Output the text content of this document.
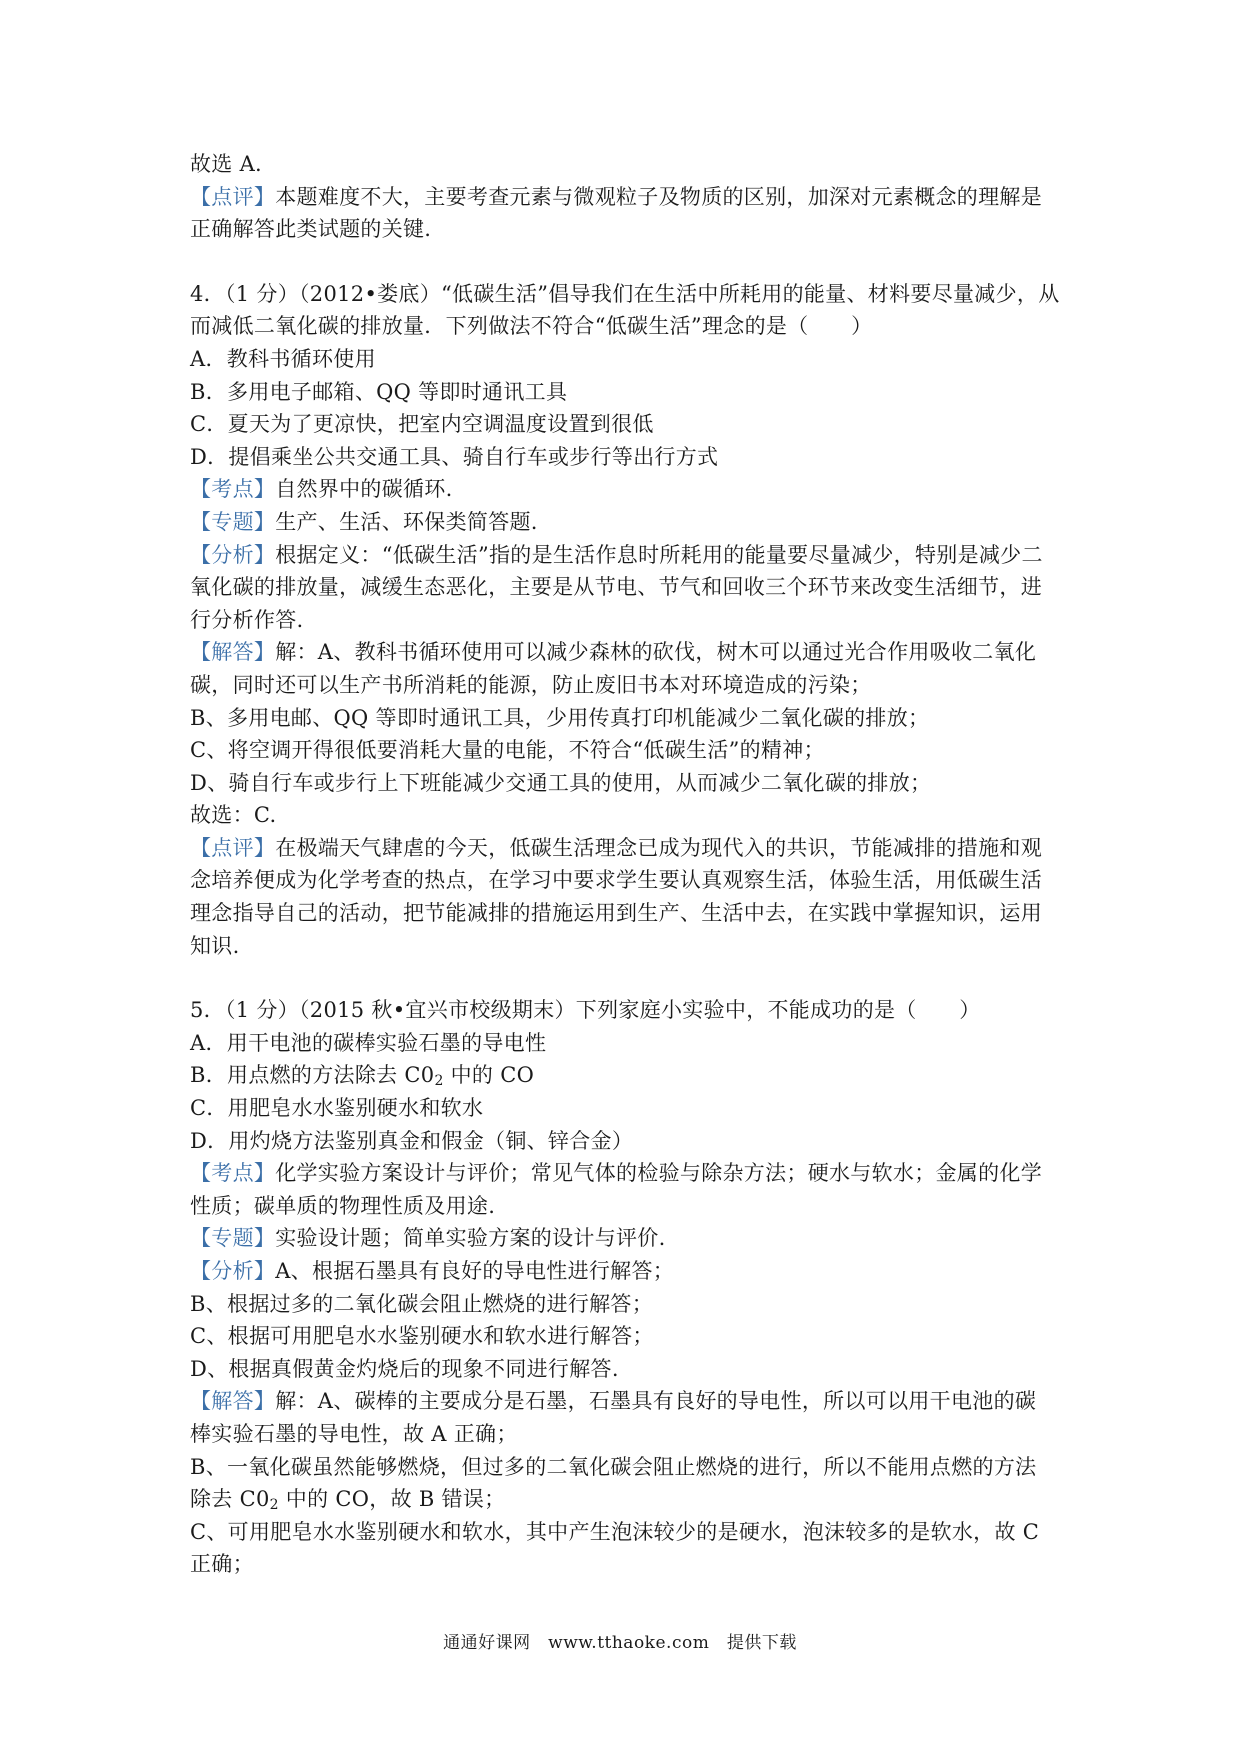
故选 A.
【点评】本题难度不大，主要考查元素与微观粒子及物质的区别，加深对元素概念的理解是
正确解答此类试题的关键.
4．（1 分）（2012•娄底）“低碳生活”倡导我们在生活中所耗用的能量、材料要尽量减少，从
而减低二氧化碳的排放量．下列做法不符合“低碳生活”理念的是（　　）
A．教科书循环使用
B．多用电子邮箱、QQ 等即时通讯工具
C．夏天为了更凉快，把室内空调温度设置到很低
D．提倡乘坐公共交通工具、骑自行车或步行等出行方式
【考点】自然界中的碳循环.
【专题】生产、生活、环保类简答题.
【分析】根据定义：“低碳生活”指的是生活作息时所耗用的能量要尽量减少，特别是减少二
氧化碳的排放量，减缓生态恶化，主要是从节电、节气和回收三个环节来改变生活细节，进
行分析作答.
【解答】解：A、教科书循环使用可以减少森林的砍伐，树木可以通过光合作用吸收二氧化
碳，同时还可以生产书所消耗的能源，防止废旧书本对环境造成的污染；
B、多用电邮、QQ 等即时通讯工具，少用传真打印机能减少二氧化碳的排放；
C、将空调开得很低要消耗大量的电能，不符合“低碳生活”的精神；
D、骑自行车或步行上下班能减少交通工具的使用，从而减少二氧化碳的排放；
故选：C.
【点评】在极端天气肆虐的今天，低碳生活理念已成为现代入的共识，节能减排的措施和观
念培养便成为化学考查的热点，在学习中要求学生要认真观察生活，体验生活，用低碳生活
理念指导自己的活动，把节能减排的措施运用到生产、生活中去，在实践中掌握知识，运用
知识.
5．（1 分）（2015 秋•宜兴市校级期末）下列家庭小实验中，不能成功的是（　　）
A．用干电池的碳棒实验石墨的导电性
B．用点燃的方法除去 $C0_2$ 中的 CO
C．用肥皂水水鉴别硬水和软水
D．用灼烧方法鉴别真金和假金（铜、锌合金）
【考点】化学实验方案设计与评价；常见气体的检验与除杂方法；硬水与软水；金属的化学
性质；碳单质的物理性质及用途.
【专题】实验设计题；简单实验方案的设计与评价.
【分析】A、根据石墨具有良好的导电性进行解答；
B、根据过多的二氧化碳会阻止燃烧的进行解答；
C、根据可用肥皂水水鉴别硬水和软水进行解答；
D、根据真假黄金灼烧后的现象不同进行解答.
【解答】解：A、碳棒的主要成分是石墨，石墨具有良好的导电性，所以可以用干电池的碳
棒实验石墨的导电性，故 A 正确；
B、一氧化碳虽然能够燃烧，但过多的二氧化碳会阻止燃烧的进行，所以不能用点燃的方法
除去 $C0_2$ 中的 CO，故 B 错误；
C、可用肥皂水水鉴别硬水和软水，其中产生泡沫较少的是硬水，泡沫较多的是软水，故 C
正确；
通通好课网　www.tthaoke.com　提供下载
